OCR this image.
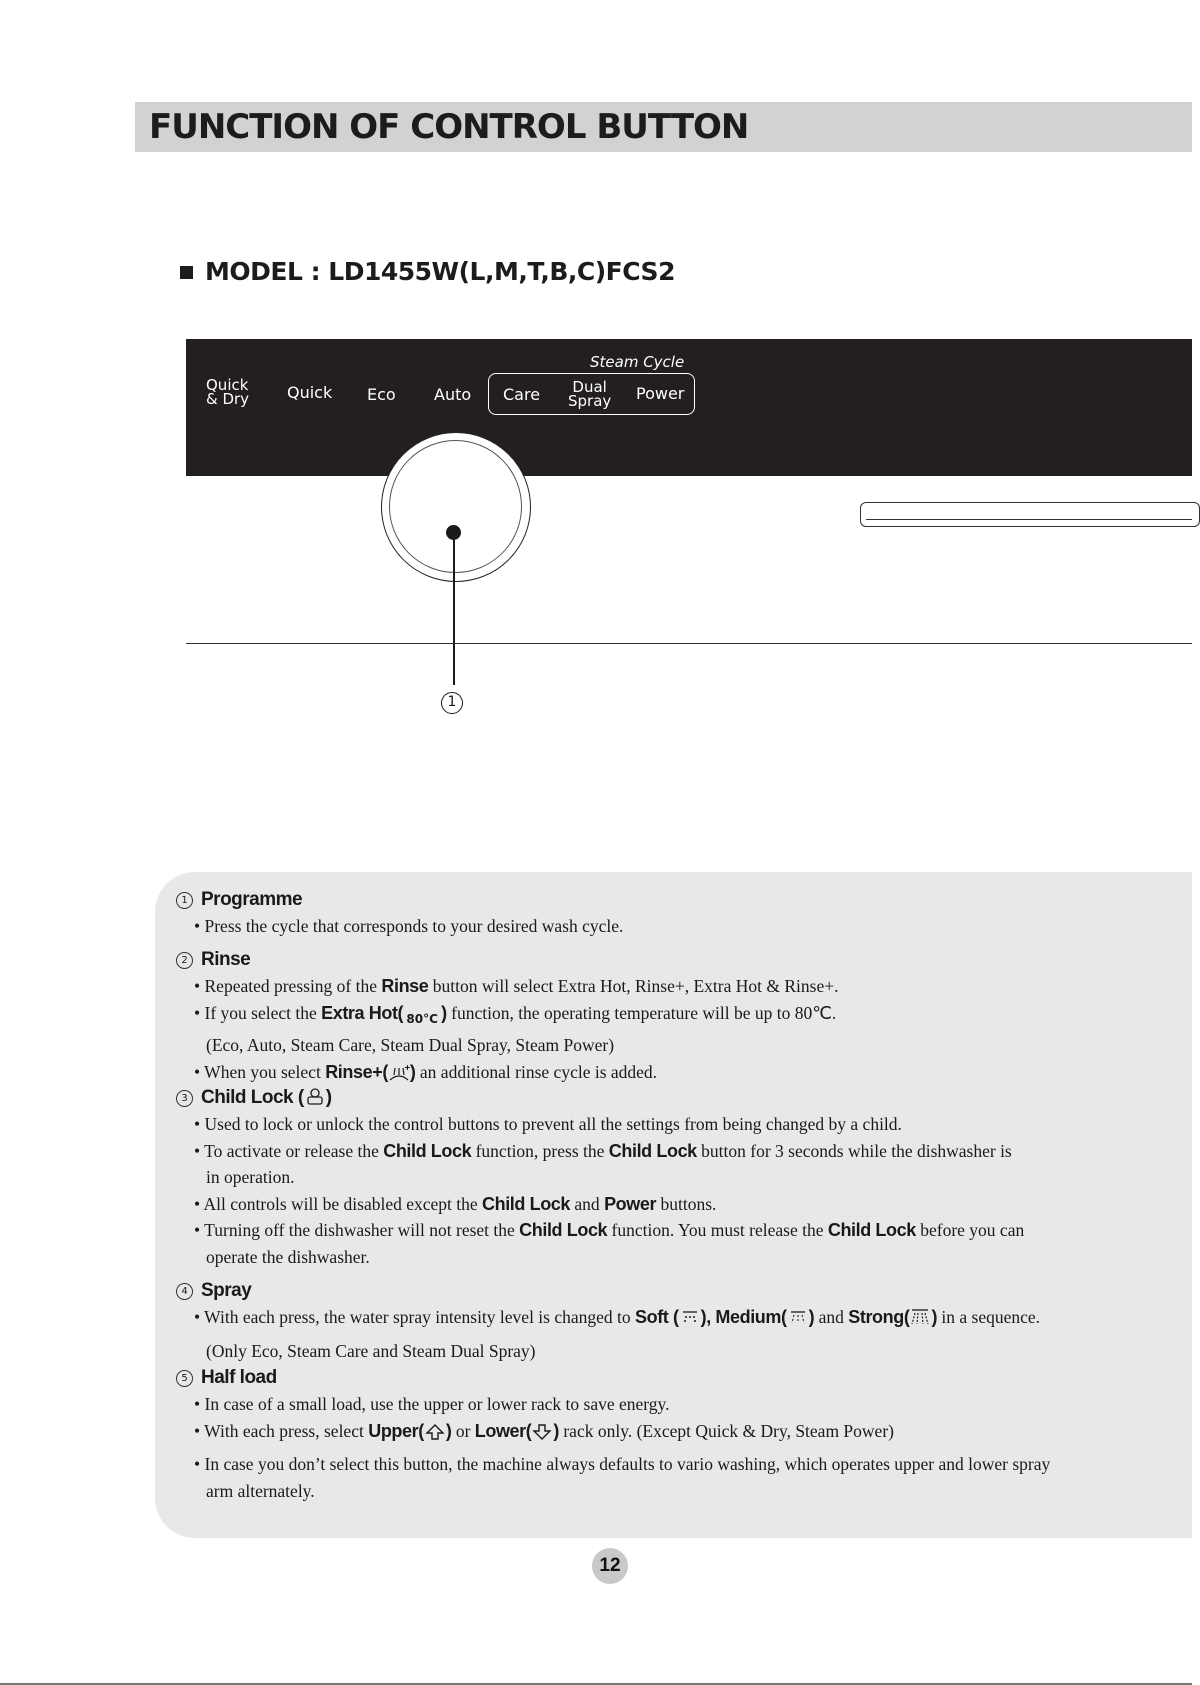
FUNCTION OF CONTROL BUTTON
MODEL : LD1455W(L,M,T,B,C)FCS2
Steam Cycle
Quick
& Dry Quick Eco Auto Care Dual
Spray Power
1
1 Programme
• Press the cycle that corresponds to your desired wash cycle.
2 Rinse
• Repeated pressing of the Rinse button will select Extra Hot, Rinse+, Extra Hot & Rinse+.
• If you select the Extra Hot( 80°C ) function, the operating temperature will be up to 80℃.
(Eco, Auto, Steam Care, Steam Dual Spray, Steam Power)
• When you select Rinse+( + ) an additional rinse cycle is added.
3 Child Lock ( )
• Used to lock or unlock the control buttons to prevent all the settings from being changed by a child.
• To activate or release the Child Lock function, press the Child Lock button for 3 seconds while the dishwasher is
in operation.
• All controls will be disabled except the Child Lock and Power buttons.
• Turning off the dishwasher will not reset the Child Lock function. You must release the Child Lock before you can
operate the dishwasher.
4 Spray
• With each press, the water spray intensity level is changed to Soft ( ), Medium( ) and Strong( ) in a sequence.
(Only Eco, Steam Care and Steam Dual Spray)
5 Half load
• In case of a small load, use the upper or lower rack to save energy.
• With each press, select Upper( ) or Lower( ) rack only. (Except Quick & Dry, Steam Power)
• In case you don’t select this button, the machine always defaults to vario washing, which operates upper and lower spray
arm alternately.
12
